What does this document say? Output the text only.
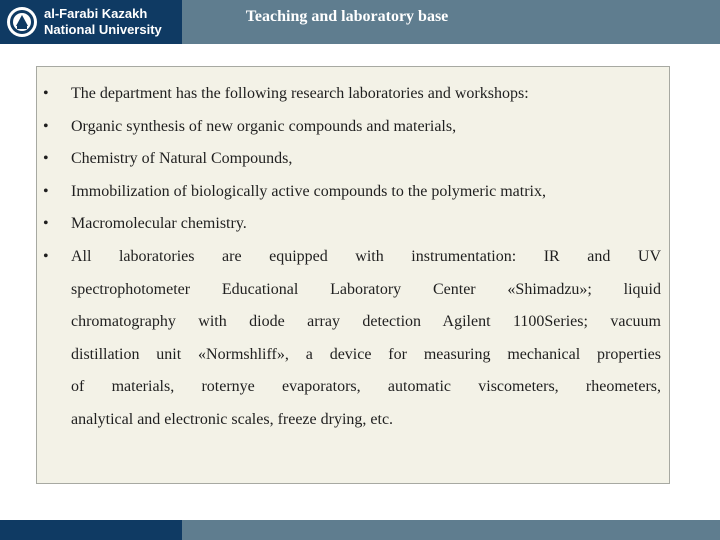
al-Farabi Kazakh
National University
Teaching and laboratory base
• The department has the following research laboratories and workshops:
• Organic synthesis of new organic compounds and materials,
• Chemistry of Natural Compounds,
• Immobilization of biologically active compounds to the polymeric matrix,
• Macromolecular chemistry.
• All laboratories are equipped with instrumentation: IR and UV
spectrophotometer Educational Laboratory Center «Shimadzu»; liquid
chromatography with diode array detection Agilent 1100Series; vacuum
distillation unit «Normshliff», a device for measuring mechanical properties
of materials, roternye evaporators, automatic viscometers, rheometers,
analytical and electronic scales, freeze drying, etc.
